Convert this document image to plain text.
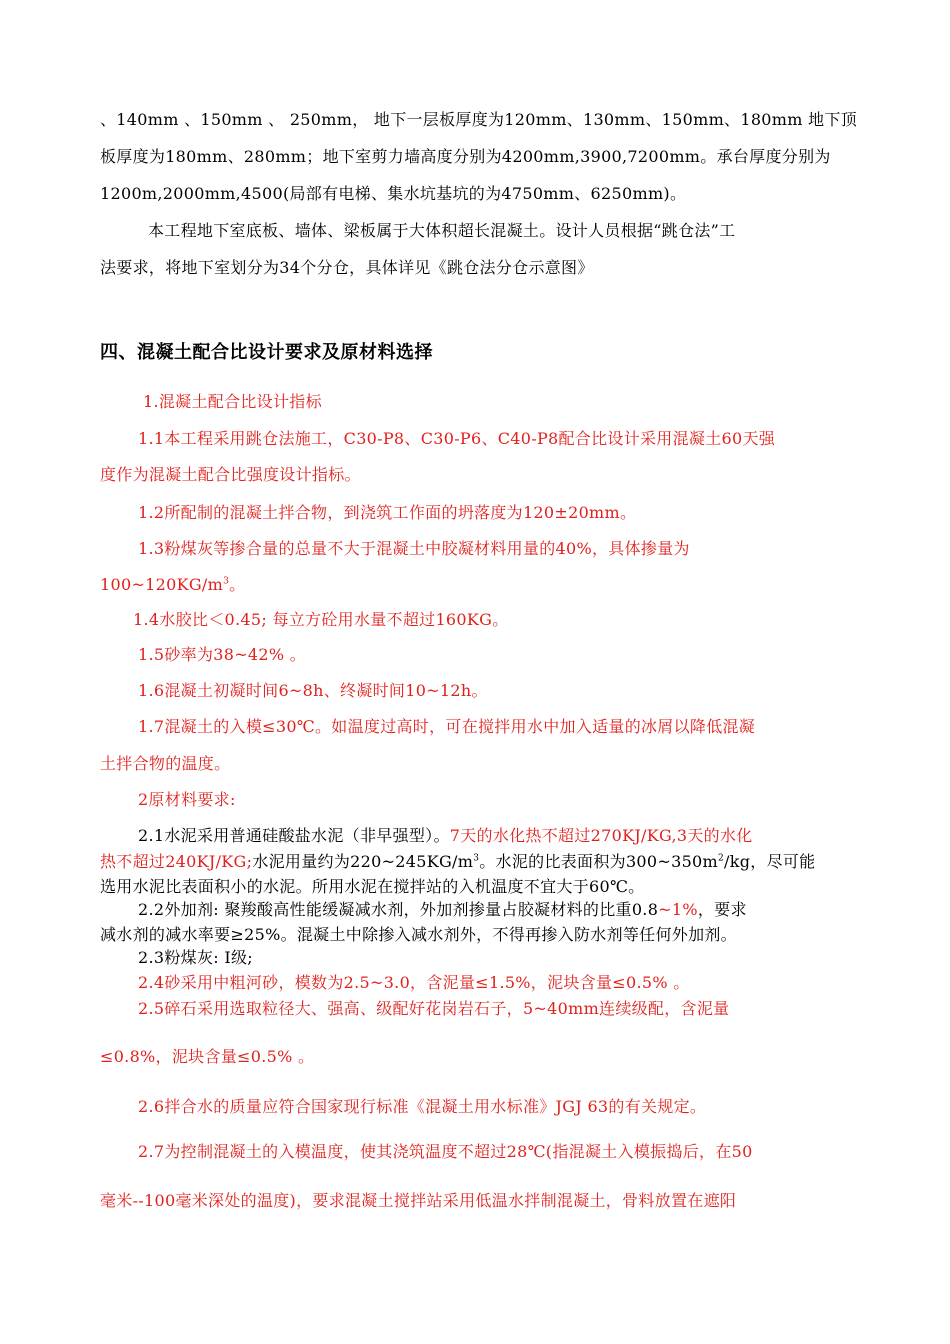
、140mm 、150mm 、 250mm， 地下一层板厚度为120mm、130mm、150mm、180mm 地下顶
板厚度为180mm、280mm；地下室剪力墙高度分别为4200mm,3900,7200mm。承台厚度分别为
1200m,2000mm,4500(局部有电梯、集水坑基坑的为4750mm、6250mm)。
本工程地下室底板、墙体、梁板属于大体积超长混凝土。设计人员根据“跳仓法”工
法要求，将地下室划分为34个分仓，具体详见《跳仓法分仓示意图》
四、混凝土配合比设计要求及原材料选择
1.混凝土配合比设计指标
1.1本工程采用跳仓法施工，C30-P8、C30-P6、C40-P8配合比设计采用混凝土60天强
度作为混凝土配合比强度设计指标。
1.2所配制的混凝土拌合物，到浇筑工作面的坍落度为120±20mm。
1.3粉煤灰等掺合量的总量不大于混凝土中胶凝材料用量的40%，具体掺量为
$100\sim 120KG/m^3$。
1.4水胶比＜0.45; 每立方砼用水量不超过160KG。
1.5砂率为38~42% 。
1.6混凝土初凝时间6~8h、终凝时间10~12h。
1.7混凝土的入模≤30℃。如温度过高时，可在搅拌用水中加入适量的冰屑以降低混凝
土拌合物的温度。
2原材料要求:
2.1水泥采用普通硅酸盐水泥（非早强型）。7天的水化热不超过270KJ/KG,3天的水化
热不超过240KJ/KG;水泥用量约为$220\sim 245KG/m^3$。水泥的比表面积为$300\sim 350m^2/kg$，尽可能
选用水泥比表面积小的水泥。所用水泥在搅拌站的入机温度不宜大于60℃。
2.2外加剂: 聚羧酸高性能缓凝减水剂，外加剂掺量占胶凝材料的比重0.8~1%，要求
减水剂的减水率要≥25%。混凝土中除掺入减水剂外，不得再掺入防水剂等任何外加剂。
2.3粉煤灰: Ⅰ级;
2.4砂采用中粗河砂，模数为2.5~3.0，含泥量≤1.5%，泥块含量≤0.5% 。
2.5碎石采用选取粒径大、强高、级配好花岗岩石子，5~40mm连续级配，含泥量
≤0.8%，泥块含量≤0.5% 。
2.6拌合水的质量应符合国家现行标准《混凝土用水标准》JGJ 63的有关规定。
2.7为控制混凝土的入模温度，使其浇筑温度不超过28℃(指混凝土入模振捣后，在50
毫米--100毫米深处的温度)，要求混凝土搅拌站采用低温水拌制混凝土，骨料放置在遮阳
